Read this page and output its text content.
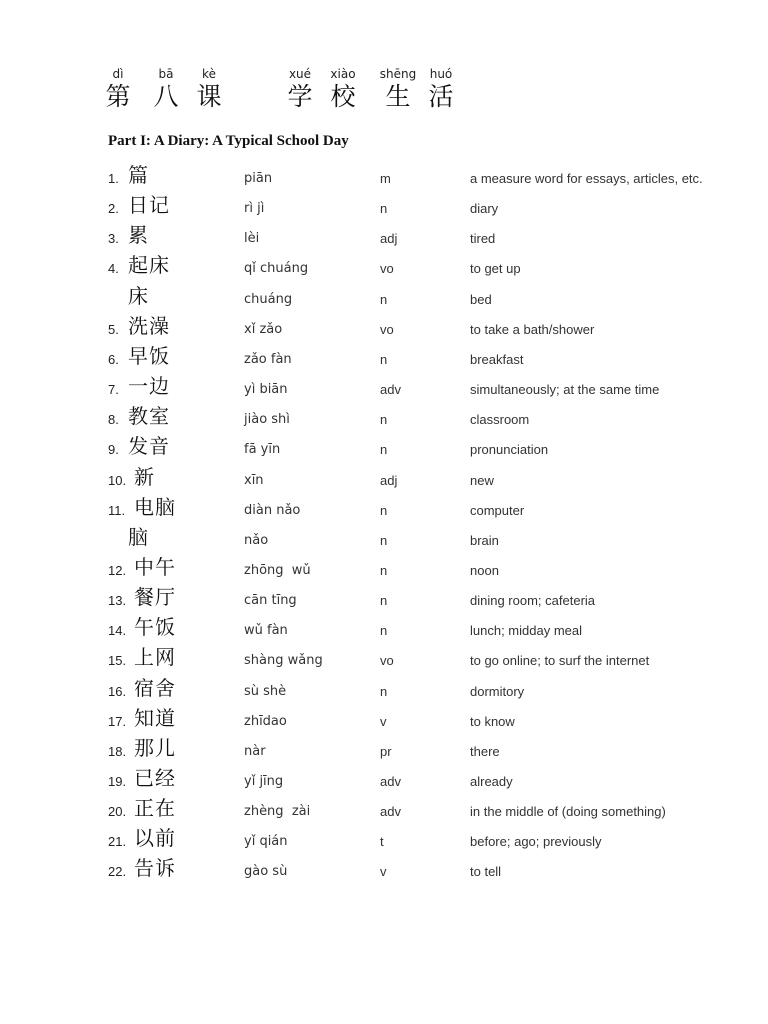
dì
第
bā
八
kè
课
xué
学
xiào
校
shēng
生
huó
活
Part I: A Diary: A Typical School Day
1. 篇	piān	m	a measure word for essays, articles, etc.
2. 日记	rì jì	n	diary
3. 累	lèi	adj	tired
4. 起床	qǐ chuáng	vo	to get up
床	chuáng	n	bed
5. 洗澡	xǐ zǎo	vo	to take a bath/shower
6. 早饭	zǎo fàn	n	breakfast
7. 一边	yì biān	adv	simultaneously; at the same time
8. 教室	jiào shì	n	classroom
9. 发音	fā yīn	n	pronunciation
10. 新	xīn	adj	new
11. 电脑	diàn nǎo	n	computer
脑	nǎo	n	brain
12. 中午	zhōng  wǔ	n	noon
13. 餐厅	cān tīng	n	dining room; cafeteria
14. 午饭	wǔ fàn	n	lunch; midday meal
15. 上网	shàng wǎng	vo	to go online; to surf the internet
16. 宿舍	sù shè	n	dormitory
17. 知道	zhīdao	v	to know
18. 那儿	nàr	pr	there
19. 已经	yǐ jīng	adv	already
20. 正在	zhèng  zài	adv	in the middle of (doing something)
21. 以前	yǐ qián	t	before; ago; previously
22. 告诉	gào sù	v	to tell
